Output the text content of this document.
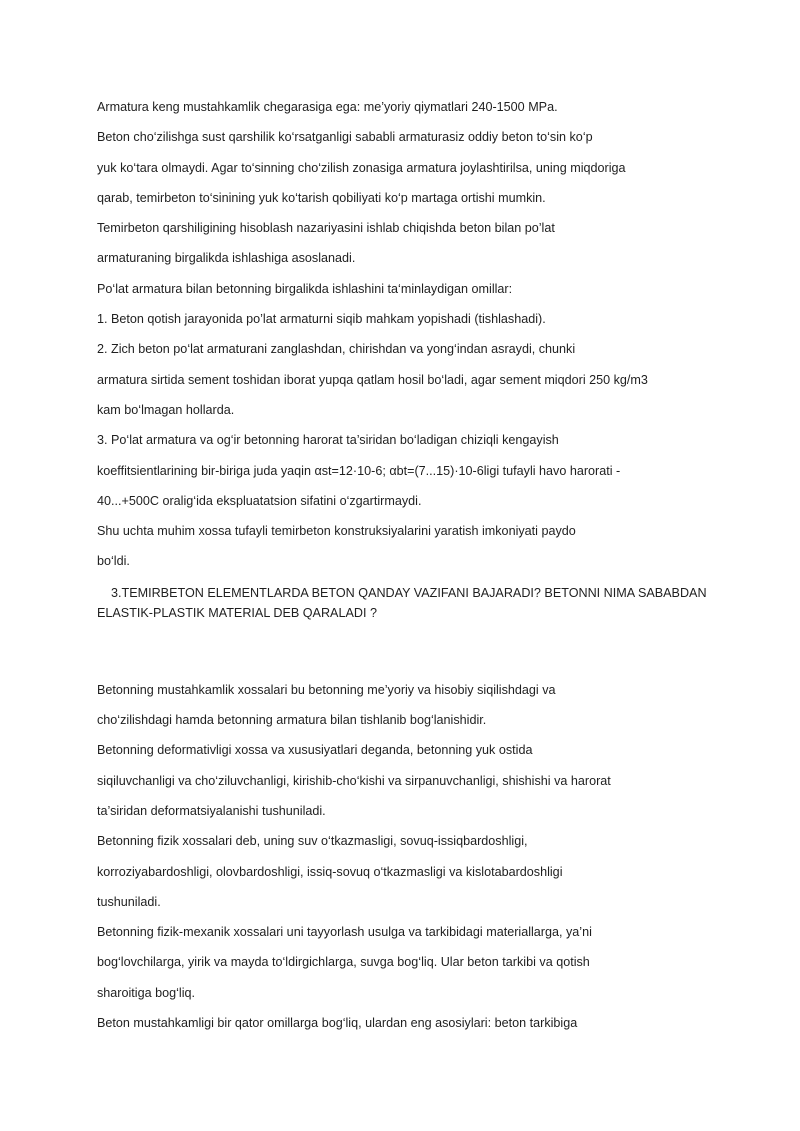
Armatura keng mustahkamlik chegarasiga ega: me’yoriy qiymatlari 240-1500 MPa.
Beton cho‘zilishga sust qarshilik ko‘rsatganligi sababli armaturasiz oddiy beton to‘sin ko‘p
yuk ko‘tara olmaydi. Agar to‘sinning cho‘zilish zonasiga armatura joylashtirilsa, uning miqdoriga
qarab, temirbeton to‘sinining yuk ko‘tarish qobiliyati ko‘p martaga ortishi mumkin.
Temirbeton qarshiligining hisoblash nazariyasini ishlab chiqishda beton bilan po’lat
armaturaning birgalikda ishlashiga asoslanadi.
Po‘lat armatura bilan betonning birgalikda ishlashini ta‘minlaydigan omillar:
1. Beton qotish jarayonida po’lat armaturni siqib mahkam yopishadi (tishlashadi).
2. Zich beton po‘lat armaturani zanglashdan, chirishdan va yong‘indan asraydi, chunki
armatura sirtida sement toshidan iborat yupqa qatlam hosil bo‘ladi, agar sement miqdori 250 kg/m3
kam bo‘lmagan hollarda.
3. Po‘lat armatura va og‘ir betonning harorat ta’siridan bo‘ladigan chiziqli kengayish
koeffitsientlarining bir-biriga juda yaqin αst=12·10-6; αbt=(7...15)·10-6ligi tufayli havo harorati -
40...+500C oralig‘ida ekspluatatsion sifatini o‘zgartirmaydi.
Shu uchta muhim xossa tufayli temirbeton konstruksiyalarini yaratish imkoniyati paydo
bo‘ldi.
3.TEMIRBETON ELEMENTLARDA BETON QANDAY VAZIFANI BAJARADI? BETONNI NIMA SABABDAN
ELASTIK-PLASTIK MATERIAL DEB QARALADI ?
Betonning mustahkamlik xossalari bu betonning me’yoriy va hisobiy siqilishdagi va
cho‘zilishdagi hamda betonning armatura bilan tishlanib bog‘lanishidir.
Betonning deformativligi xossa va xususiyatlari deganda, betonning yuk ostida
siqiluvchanligi va cho‘ziluvchanligi, kirishib-cho‘kishi va sirpanuvchanligi, shishishi va harorat
ta’siridan deformatsiyalanishi tushuniladi.
Betonning fizik xossalari deb, uning suv o‘tkazmasligi, sovuq-issiqbardoshligi,
korroziyabardoshligi, olovbardoshligi, issiq-sovuq o‘tkazmasligi va kislotabardoshligi
tushuniladi.
Betonning fizik-mexanik xossalari uni tayyorlash usulga va tarkibidagi materiallarga, ya’ni
bog‘lovchilarga, yirik va mayda to‘ldirgichlarga, suvga bog‘liq. Ular beton tarkibi va qotish
sharoitiga bog‘liq.
Beton mustahkamligi bir qator omillarga bog‘liq, ulardan eng asosiylari: beton tarkibiga
